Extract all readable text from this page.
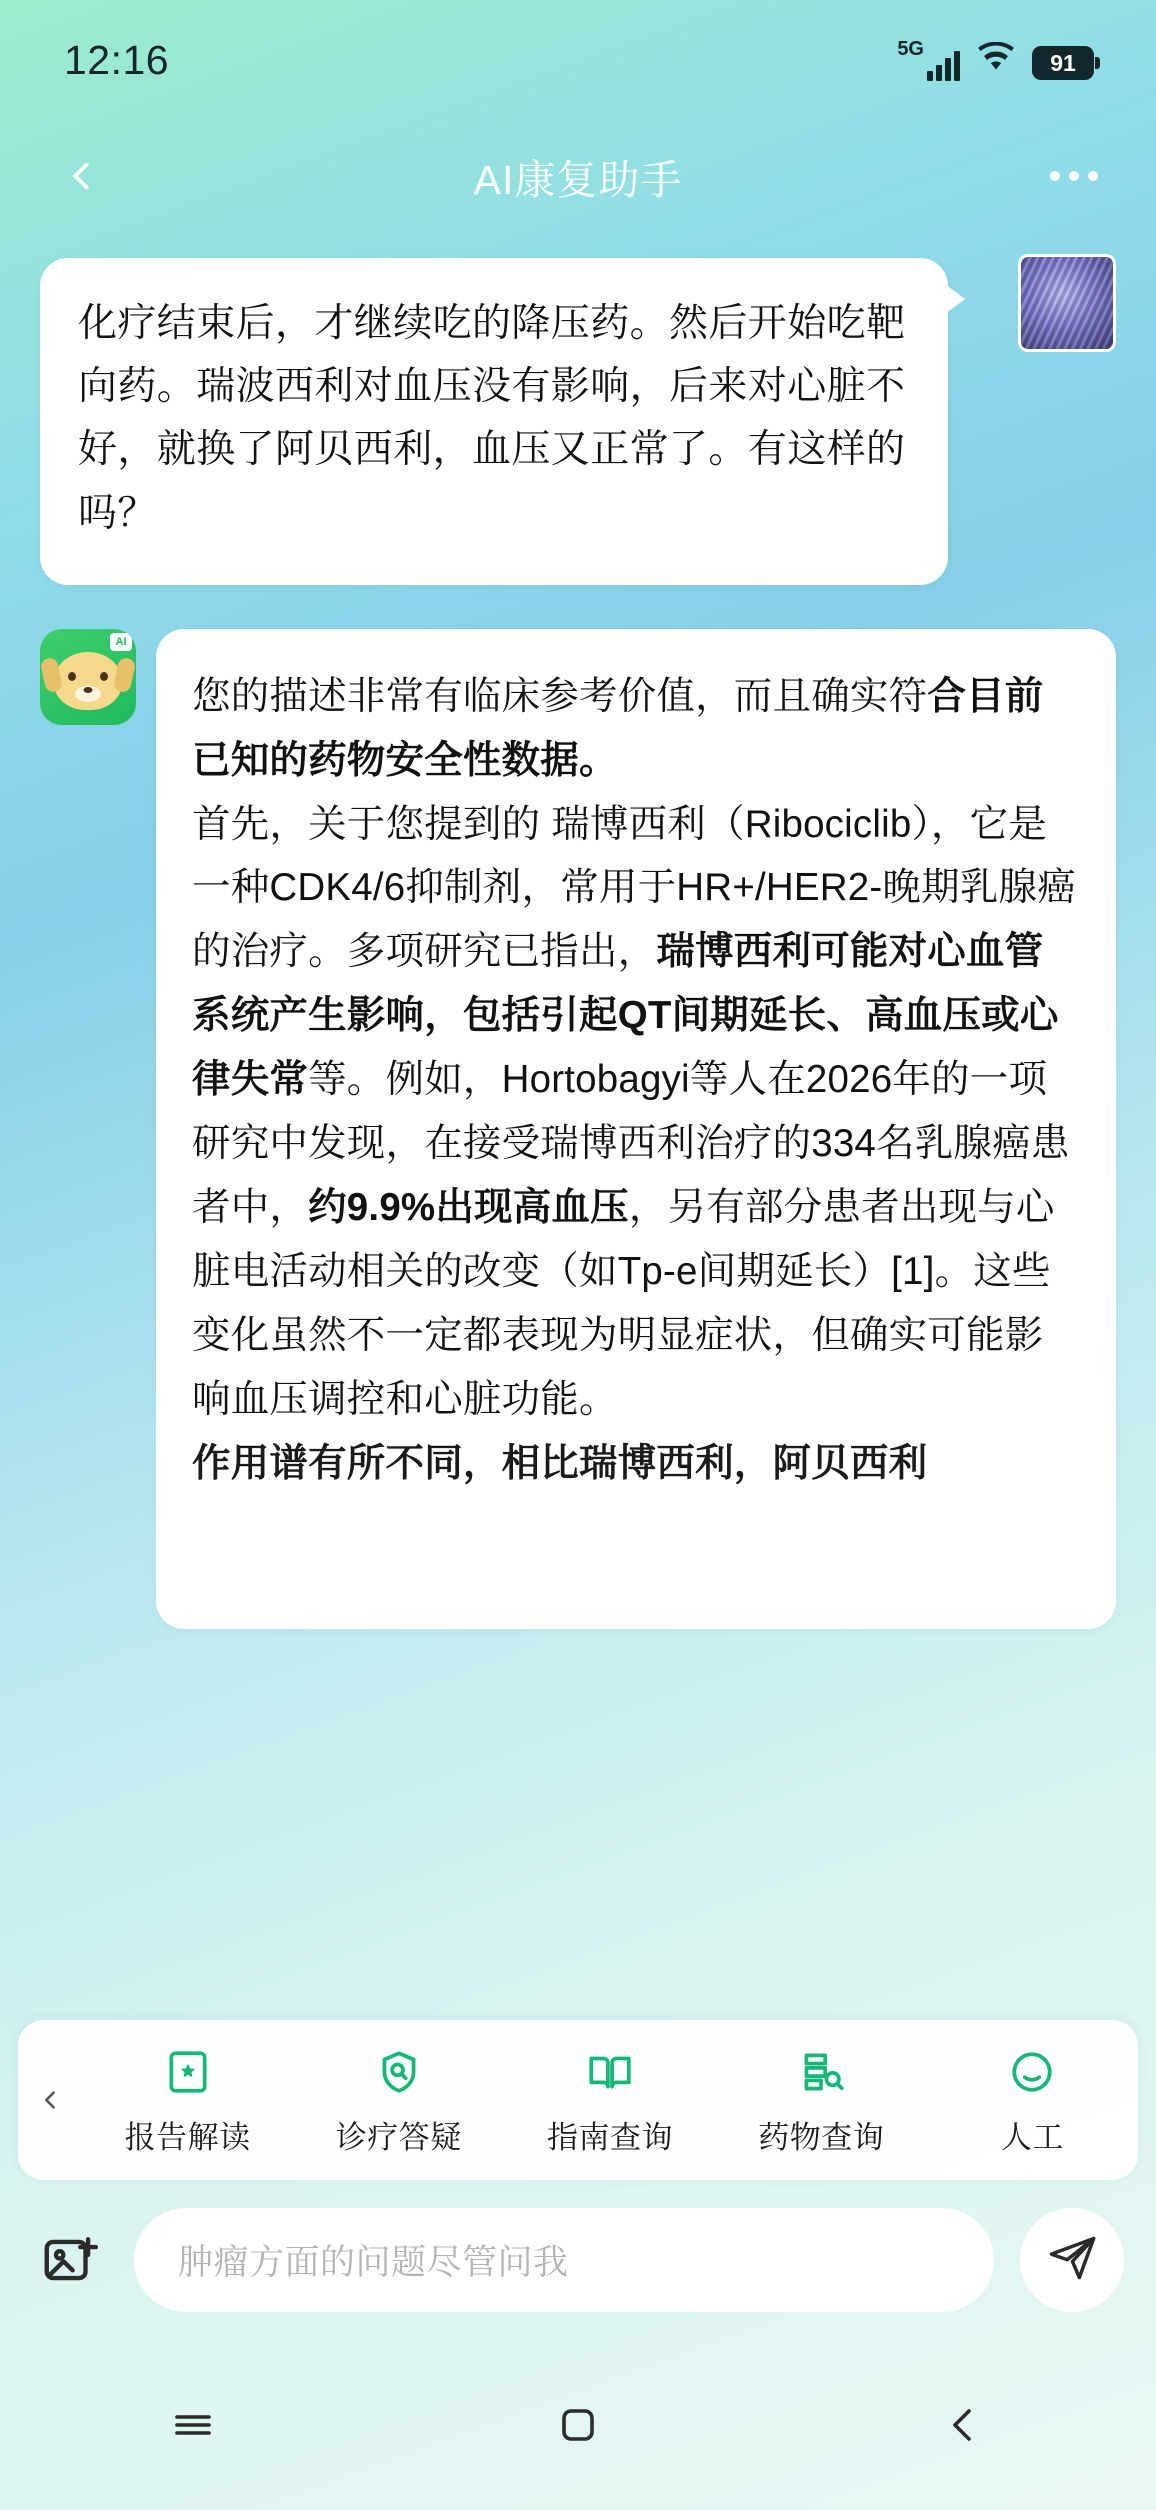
12:16	5G
91
AI康复助手
化疗结束后，才继续吃的降压药。然后开始吃靶向药。瑞波西利对血压没有影响，后来对心脏不好，就换了阿贝西利，血压又正常了。有这样的吗？
AI

您的描述非常有临床参考价值，而且确实符合目前已知的药物安全性数据。

首先，关于您提到的 瑞博西利（Ribociclib），它是一种CDK4/6抑制剂，常用于HR+/HER2-晚期乳腺癌的治疗。多项研究已指出，瑞博西利可能对心血管系统产生影响，包括引起QT间期延长、高血压或心律失常等。例如，Hortobagyi等人在2026年的一项研究中发现，在接受瑞博西利治疗的334名乳腺癌患者中，约9.9%出现高血压，另有部分患者出现与心脏电活动相关的改变（如Tp-e间期延长）[1]。这些变化虽然不一定都表现为明显症状，但确实可能影响血压调控和心脏功能。

作用谱有所不同，相比瑞博西利，阿贝西利

报告解读	诊疗答疑	指南查询	药物查询	人工
肿瘤方面的问题尽管问我
